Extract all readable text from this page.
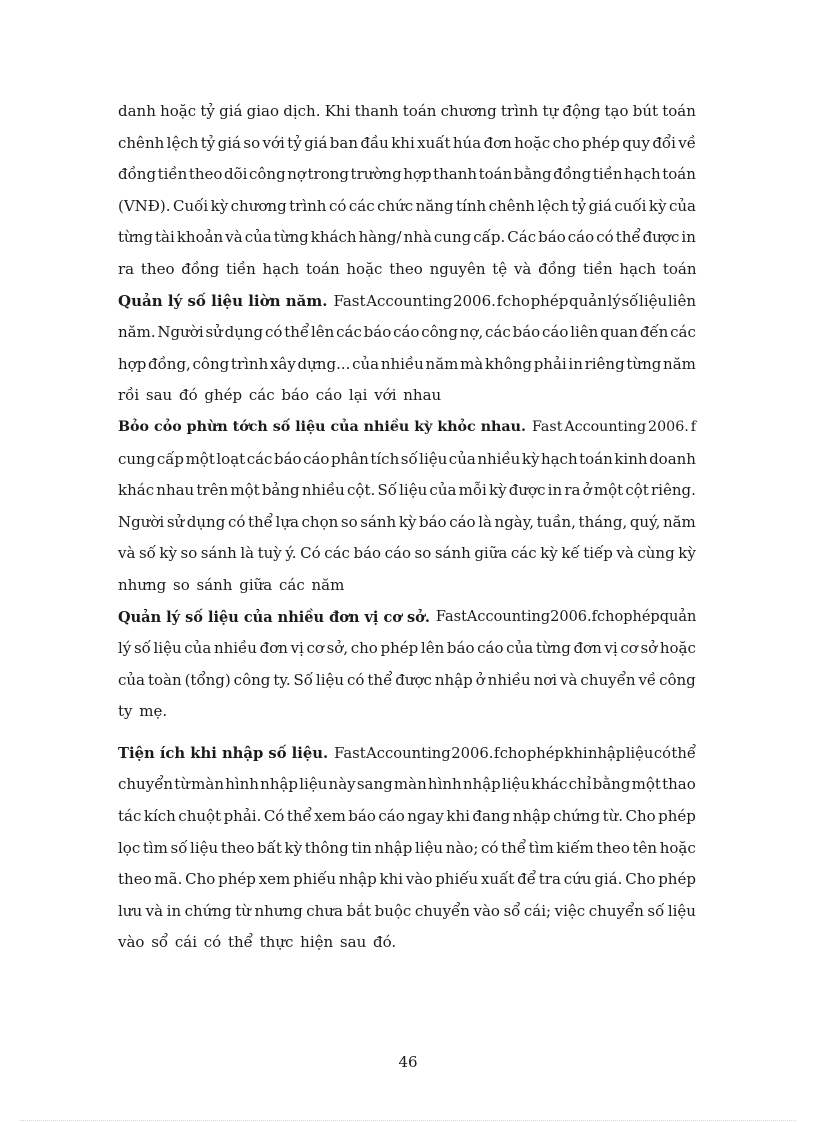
danh hoặc tỷ giá giao dịch. Khi thanh toán chương trình tự động tạo bút toán
chênh lệch tỷ giá so với tỷ giá ban đầu khi xuất húa đơn hoặc cho phép quy đổi về
đồng tiền theo dõi công nợ trong trường hợp thanh toán bằng đồng tiền hạch toán
(VNĐ). Cuối kỳ chương trình có các chức năng tính chênh lệch tỷ giá cuối kỳ của
từng tài khoản và của từng khách hàng/ nhà cung cấp. Các báo cáo có thể được in
ra theo đồng tiền hạch toán hoặc theo nguyên tệ và đồng tiền hạch toán
Quản lý số liệu liờn năm. Fast Accounting 2006. f cho phép quản lý số liệu liên
năm. Người sử dụng có thể lên các báo cáo công nợ, các báo cáo liên quan đến các
hợp đồng, công trình xây dựng... của nhiều năm mà không phải in riêng từng năm
rồi sau đó ghép các báo cáo lại với nhau
Bỏo cỏo phừn tớch số liệu của nhiều kỳ khỏc nhau. Fast Accounting 2006. f
cung cấp một loạt các báo cáo phân tích số liệu của nhiều kỳ hạch toán kinh doanh
khác nhau trên một bảng nhiều cột. Số liệu của mỗi kỳ được in ra ở một cột riêng.
Người sử dụng có thể lựa chọn so sánh kỳ báo cáo là ngày, tuần, tháng, quý, năm
và số kỳ so sánh là tuỳ ý. Có các báo cáo so sánh giữa các kỳ kế tiếp và cùng kỳ
nhưng so sánh giữa các năm
Quản lý số liệu của nhiều đơn vị cơ sở. Fast Accounting 2006. f cho phép quản
lý số liệu của nhiều đơn vị cơ sở, cho phép lên báo cáo của từng đơn vị cơ sở hoặc
của toàn (tổng) công ty. Số liệu có thể được nhập ở nhiều nơi và chuyển về công
ty mẹ.
Tiện ích khi nhập số liệu. Fast Accounting 2006. f cho phép khi nhập liệu có thể
chuyển từ màn hình nhập liệu này sang màn hình nhập liệu khác chỉ bằng một thao
tác kích chuột phải. Có thể xem báo cáo ngay khi đang nhập chứng từ. Cho phép
lọc tìm số liệu theo bất kỳ thông tin nhập liệu nào; có thể tìm kiếm theo tên hoặc
theo mã. Cho phép xem phiếu nhập khi vào phiếu xuất để tra cứu giá. Cho phép
lưu và in chứng từ nhưng chưa bắt buộc chuyển vào sổ cái; việc chuyển số liệu
vào sổ cái có thể thực hiện sau đó.
46
